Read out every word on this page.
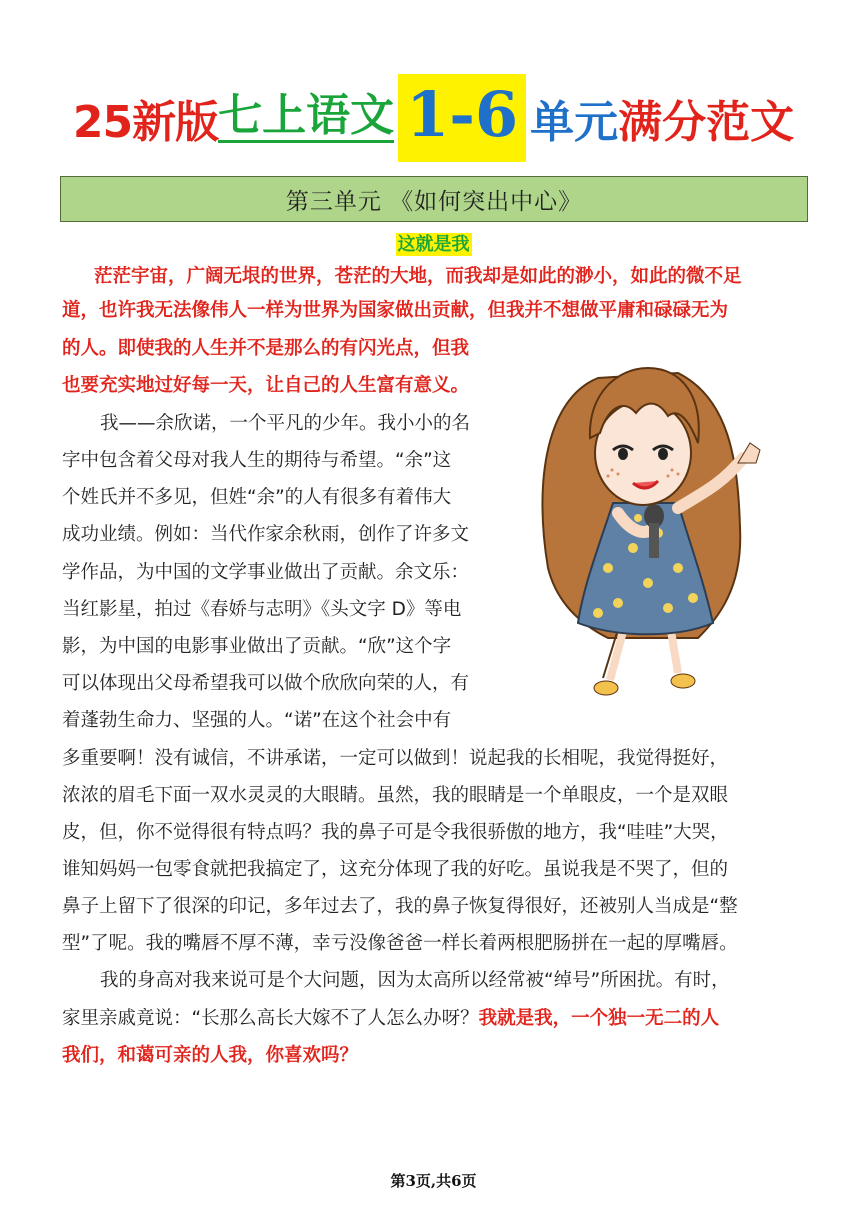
25新版 七上语文 1-6 单元 满分范文
第三单元 《如何突出中心》
这就是我
茫茫宇宙，广阔无垠的世界，苍茫的大地，而我却是如此的渺小，如此的微不足
道，也许我无法像伟人一样为世界为国家做出贡献，但我并不想做平庸和碌碌无为
的人。即使我的人生并不是那么的有闪光点，但我
也要充实地过好每一天，让自己的人生富有意义。
我——余欣诺，一个平凡的少年。我小小的名
字中包含着父母对我人生的期待与希望。“余”这
个姓氏并不多见，但姓“余”的人有很多有着伟大
成功业绩。例如：当代作家余秋雨，创作了许多文
学作品，为中国的文学事业做出了贡献。余文乐：
当红影星，拍过《春娇与志明》《头文字 D》等电
影，为中国的电影事业做出了贡献。“欣”这个字
可以体现出父母希望我可以做个欣欣向荣的人，有
着蓬勃生命力、坚强的人。“诺”在这个社会中有
多重要啊！没有诚信，不讲承诺，一定可以做到！说起我的长相呢，我觉得挺好，
浓浓的眉毛下面一双水灵灵的大眼睛。虽然，我的眼睛是一个单眼皮，一个是双眼
皮，但，你不觉得很有特点吗？我的鼻子可是令我很骄傲的地方，我“哇哇”大哭，
谁知妈妈一包零食就把我搞定了，这充分体现了我的好吃。虽说我是不哭了，但的
鼻子上留下了很深的印记，多年过去了，我的鼻子恢复得很好，还被别人当成是“整
型”了呢。我的嘴唇不厚不薄，幸亏没像爸爸一样长着两根肥肠拼在一起的厚嘴唇。
我的身高对我来说可是个大问题，因为太高所以经常被“绰号”所困扰。有时，
家里亲戚竟说：“长那么高长大嫁不了人怎么办呀？我就是我，一个独一无二的人
我们，和蔼可亲的人我，你喜欢吗？
第3页,共6页
